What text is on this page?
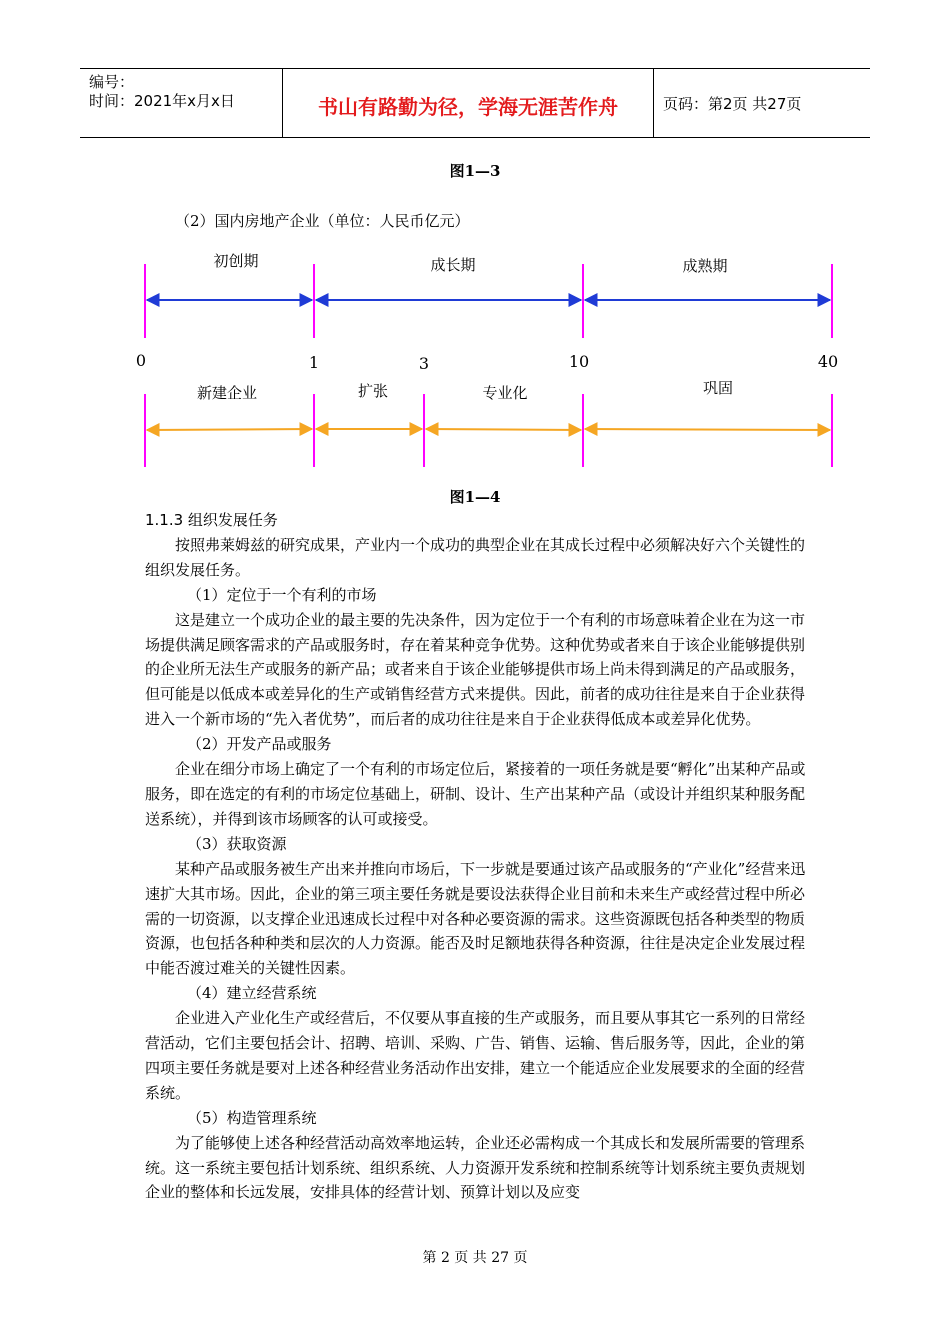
编号：
时间：2021年x月x日	书山有路勤为径，学海无涯苦作舟	页码：第2页 共27页
图1—3
（2）国内房地产企业（单位：人民币亿元）
初创期	成长期	成熟期
0	1	3	10	40
新建企业	扩张	专业化	巩固
图1—4

1.1.3 组织发展任务

按照弗莱姆兹的研究成果，产业内一个成功的典型企业在其成长过程中必须解决好六个关键性的组织发展任务。

（1）定位于一个有利的市场

这是建立一个成功企业的最主要的先决条件，因为定位于一个有利的市场意味着企业在为这一市场提供满足顾客需求的产品或服务时，存在着某种竞争优势。这种优势或者来自于该企业能够提供别的企业所无法生产或服务的新产品；或者来自于该企业能够提供市场上尚未得到满足的产品或服务，但可能是以低成本或差异化的生产或销售经营方式来提供。因此，前者的成功往往是来自于企业获得进入一个新市场的“先入者优势”，而后者的成功往往是来自于企业获得低成本或差异化优势。

（2）开发产品或服务

企业在细分市场上确定了一个有利的市场定位后，紧接着的一项任务就是要“孵化”出某种产品或服务，即在选定的有利的市场定位基础上，研制、设计、生产出某种产品（或设计并组织某种服务配送系统），并得到该市场顾客的认可或接受。

（3）获取资源

某种产品或服务被生产出来并推向市场后，下一步就是要通过该产品或服务的“产业化”经营来迅速扩大其市场。因此，企业的第三项主要任务就是要设法获得企业目前和未来生产或经营过程中所必需的一切资源，以支撑企业迅速成长过程中对各种必要资源的需求。这些资源既包括各种类型的物质资源，也包括各种种类和层次的人力资源。能否及时足额地获得各种资源，往往是决定企业发展过程中能否渡过难关的关键性因素。

（4）建立经营系统

企业进入产业化生产或经营后，不仅要从事直接的生产或服务，而且要从事其它一系列的日常经营活动，它们主要包括会计、招聘、培训、采购、广告、销售、运输、售后服务等，因此，企业的第四项主要任务就是要对上述各种经营业务活动作出安排，建立一个能适应企业发展要求的全面的经营系统。

（5）构造管理系统

为了能够使上述各种经营活动高效率地运转，企业还必需构成一个其成长和发展所需要的管理系统。这一系统主要包括计划系统、组织系统、人力资源开发系统和控制系统等计划系统主要负责规划企业的整体和长远发展，安排具体的经营计划、预算计划以及应变

第 2 页 共 27 页
